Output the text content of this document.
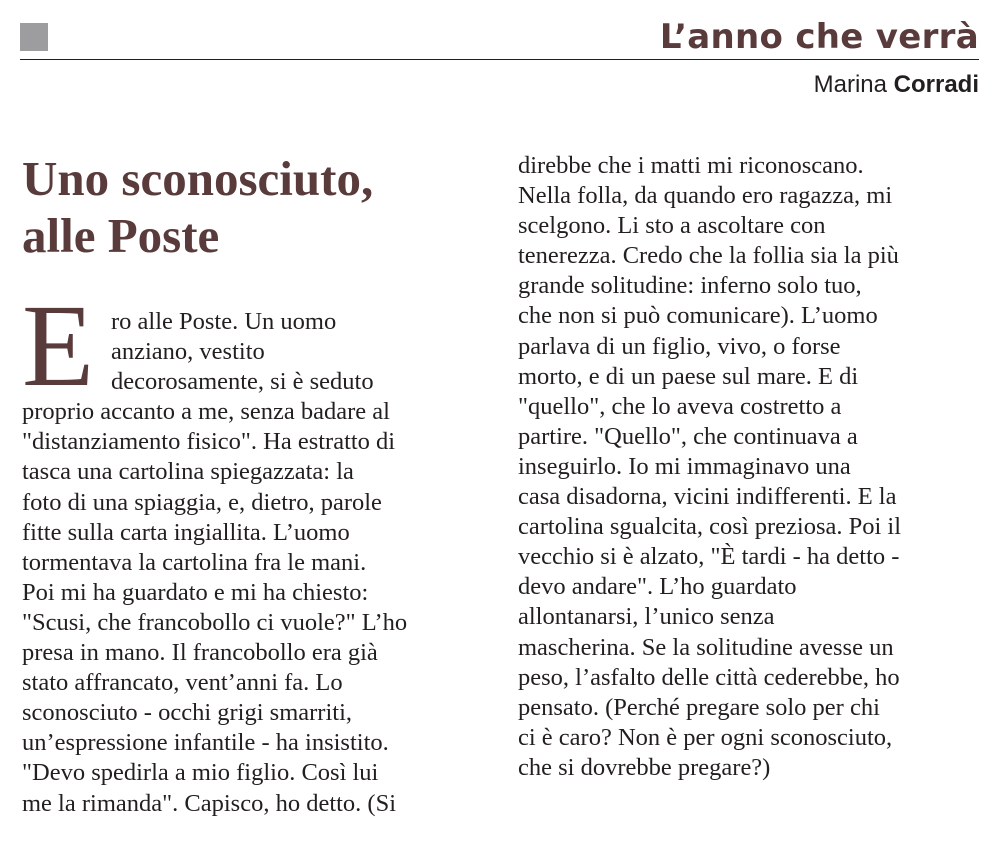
L’anno che verrà
Marina Corradi
Uno sconosciuto,
alle Poste
E ro alle Poste. Un uomo
anziano, vestito
decorosamente, si è seduto
proprio accanto a me, senza badare al
"distanziamento fisico". Ha estratto di
tasca una cartolina spiegazzata: la
foto di una spiaggia, e, dietro, parole
fitte sulla carta ingiallita. L’uomo
tormentava la cartolina fra le mani.
Poi mi ha guardato e mi ha chiesto:
"Scusi, che francobollo ci vuole?" L’ho
presa in mano. Il francobollo era già
stato affrancato, vent’anni fa. Lo
sconosciuto - occhi grigi smarriti,
un’espressione infantile - ha insistito.
"Devo spedirla a mio figlio. Così lui
me la rimanda". Capisco, ho detto. (Si
direbbe che i matti mi riconoscano.
Nella folla, da quando ero ragazza, mi
scelgono. Li sto a ascoltare con
tenerezza. Credo che la follia sia la più
grande solitudine: inferno solo tuo,
che non si può comunicare). L’uomo
parlava di un figlio, vivo, o forse
morto, e di un paese sul mare. E di
"quello", che lo aveva costretto a
partire. "Quello", che continuava a
inseguirlo. Io mi immaginavo una
casa disadorna, vicini indifferenti. E la
cartolina sgualcita, così preziosa. Poi il
vecchio si è alzato, "È tardi - ha detto -
devo andare". L’ho guardato
allontanarsi, l’unico senza
mascherina. Se la solitudine avesse un
peso, l’asfalto delle città cederebbe, ho
pensato. (Perché pregare solo per chi
ci è caro? Non è per ogni sconosciuto,
che si dovrebbe pregare?)
